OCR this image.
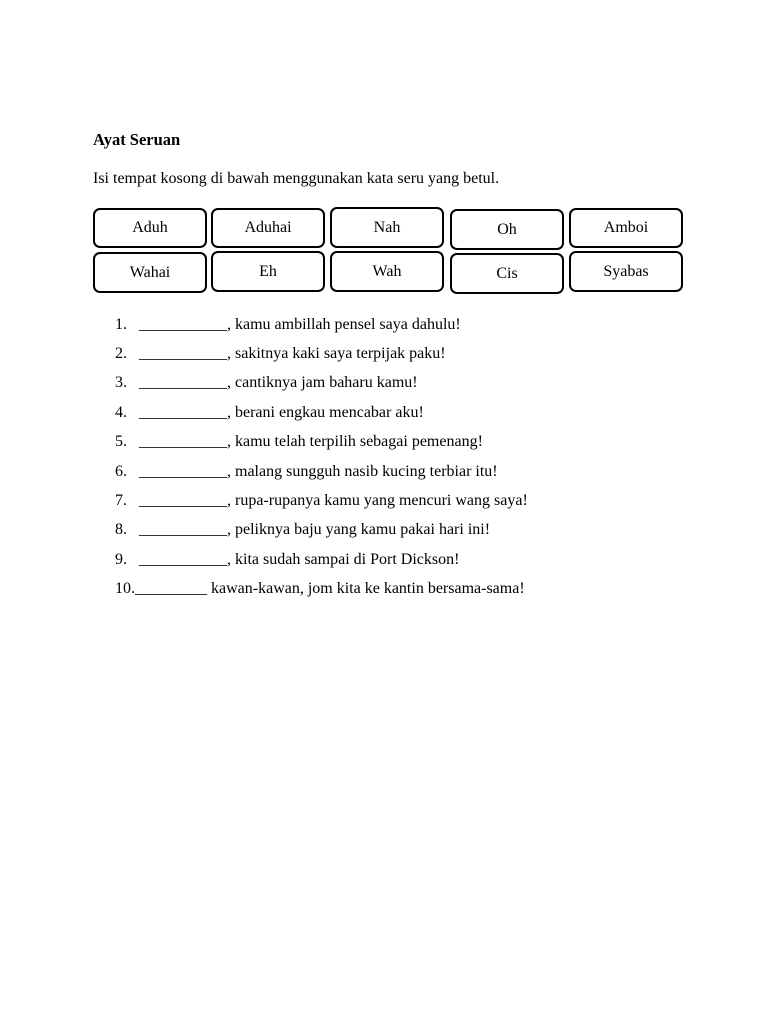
Ayat Seruan
Isi tempat kosong di bawah menggunakan kata seru yang betul.
Aduh	Aduhai	Nah	Oh	Amboi
Wahai	Eh	Wah	Cis	Syabas
1. ___________, kamu ambillah pensel saya dahulu!
2. ___________, sakitnya kaki saya terpijak paku!
3. ___________, cantiknya jam baharu kamu!
4. ___________, berani engkau mencabar aku!
5. ___________, kamu telah terpilih sebagai pemenang!
6. ___________, malang sungguh nasib kucing terbiar itu!
7. ___________, rupa-rupanya kamu yang mencuri wang saya!
8. ___________, peliknya baju yang kamu pakai hari ini!
9. ___________, kita sudah sampai di Port Dickson!
10._________ kawan-kawan, jom kita ke kantin bersama-sama!
